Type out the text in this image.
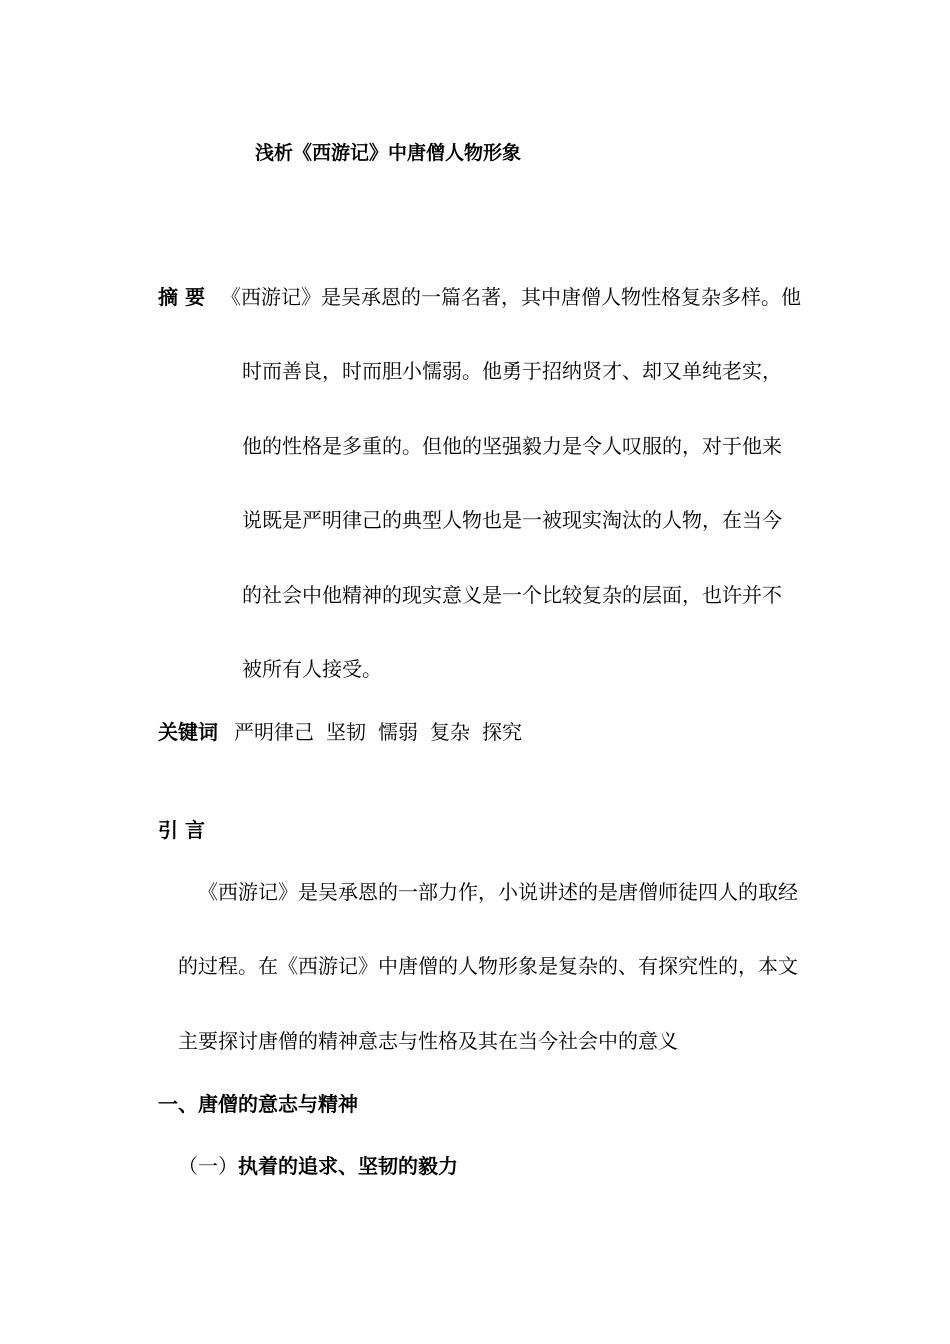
浅析《西游记》中唐僧人物形象
摘 要 《西游记》是吴承恩的一篇名著，其中唐僧人物性格复杂多样。他
时而善良，时而胆小懦弱。他勇于招纳贤才、却又单纯老实，
他的性格是多重的。但他的坚强毅力是令人叹服的，对于他来
说既是严明律己的典型人物也是一被现实淘汰的人物，在当今
的社会中他精神的现实意义是一个比较复杂的层面，也许并不
被所有人接受。
关键词 严明律己 坚韧 懦弱 复杂 探究
引 言
《西游记》是吴承恩的一部力作，小说讲述的是唐僧师徒四人的取经
的过程。在《西游记》中唐僧的人物形象是复杂的、有探究性的，本文
主要探讨唐僧的精神意志与性格及其在当今社会中的意义
一、唐僧的意志与精神
（一）执着的追求、坚韧的毅力
